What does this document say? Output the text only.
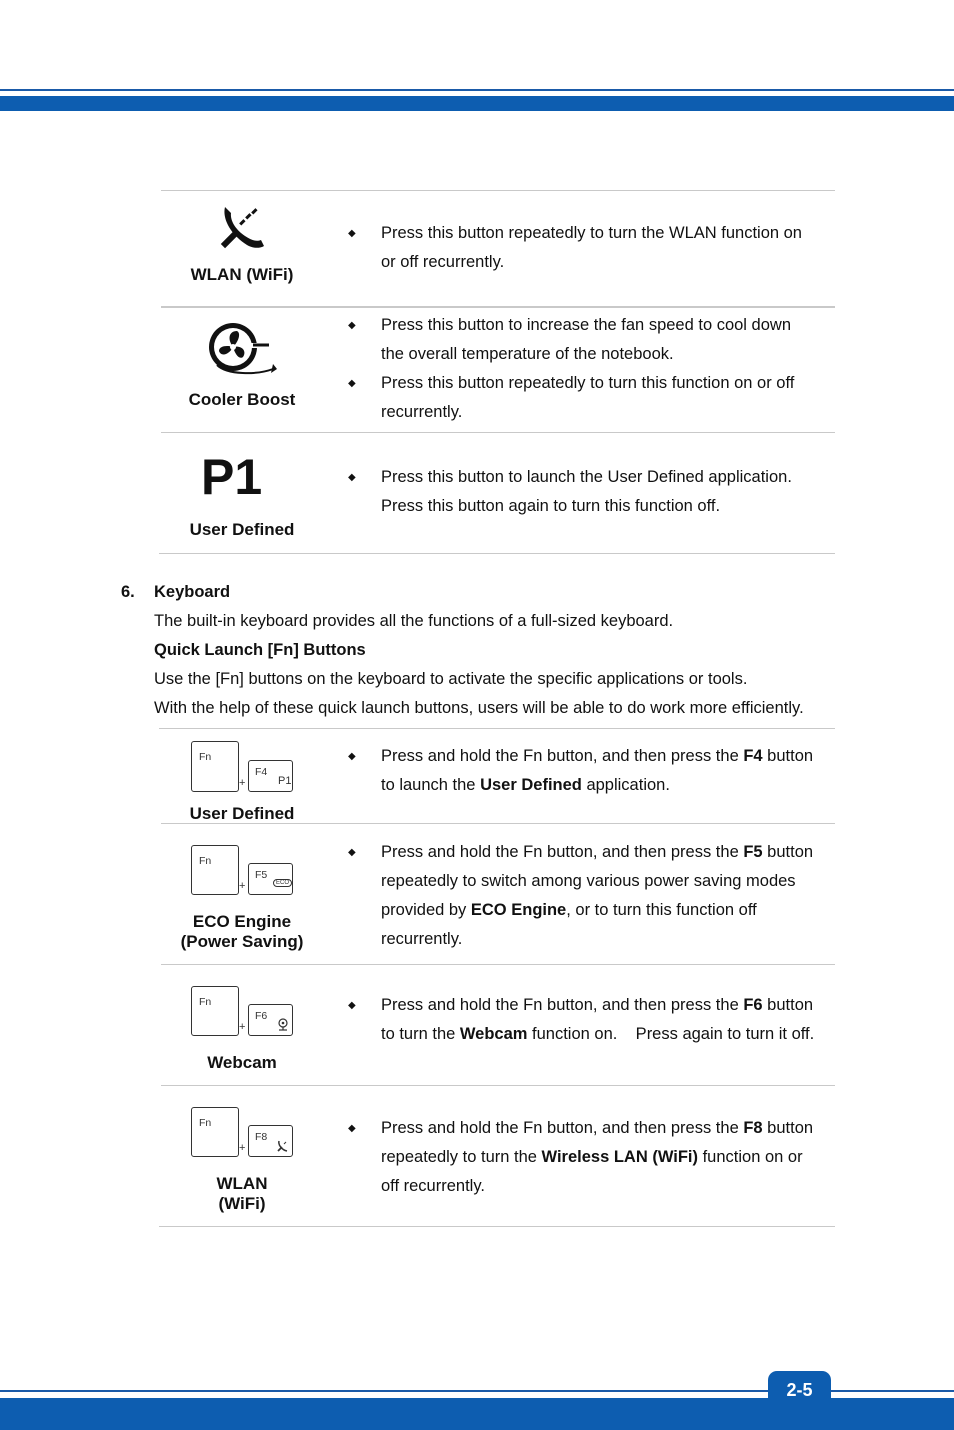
2-5
WLAN (WiFi)
◆ Press this button repeatedly to turn the WLAN function on
or off recurrently.
Cooler Boost
◆
◆
Press this button to increase the fan speed to cool down
the overall temperature of the notebook.
Press this button repeatedly to turn this function on or off
recurrently.
P1
User Defined
◆ Press this button to launch the User Defined application.
Press this button again to turn this function off.
6. Keyboard
The built-in keyboard provides all the functions of a full-sized keyboard.
Quick Launch [Fn] Buttons
Use the [Fn] buttons on the keyboard to activate the specific applications or tools.
With the help of these quick launch buttons, users will be able to do work more efficiently.
Fn
+
F4
P1
User Defined
◆ Press and hold the Fn button, and then press the F4 button
to launch the User Defined application.
Fn
+
F5
ECO
ECO Engine
(Power Saving)
◆ Press and hold the Fn button, and then press the F5 button
repeatedly to switch among various power saving modes
provided by ECO Engine, or to turn this function off
recurrently.
Fn
+
F6
Webcam
◆ Press and hold the Fn button, and then press the F6 button
to turn the Webcam function on.    Press again to turn it off.
Fn
+
F8
WLAN
(WiFi)
◆ Press and hold the Fn button, and then press the F8 button
repeatedly to turn the Wireless LAN (WiFi) function on or
off recurrently.
